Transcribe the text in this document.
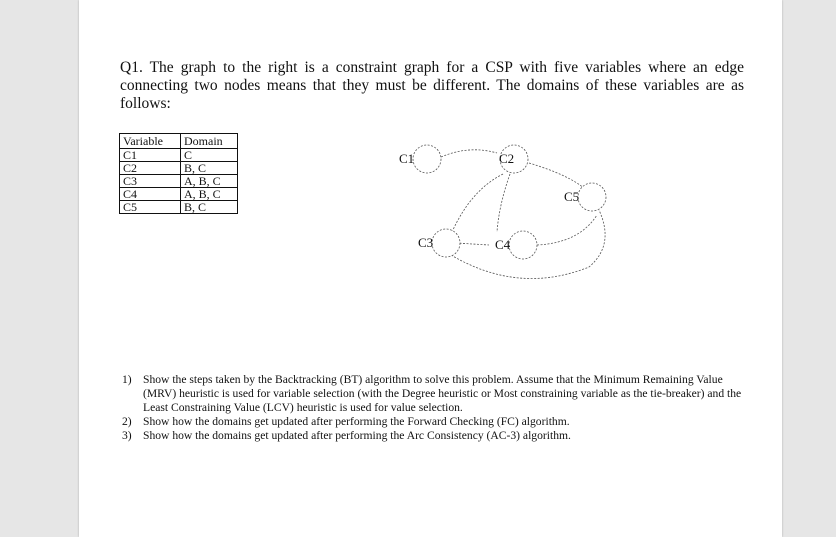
Q1. The graph to the right is a constraint graph for a CSP with five variables where an edge connecting two nodes means that they must be different. The domains of these variables are as follows:
Variable	Domain
C1	C
C2	B, C
C3	A, B, C
C4	A, B, C
C5	B, C
C1	C2
C3	C4
C5
1) Show the steps taken by the Backtracking (BT) algorithm to solve this problem. Assume that the Minimum Remaining Value (MRV) heuristic is used for variable selection (with the Degree heuristic or Most constraining variable as the tie-breaker) and the Least Constraining Value (LCV) heuristic is used for value selection.
2) Show how the domains get updated after performing the Forward Checking (FC) algorithm.
3) Show how the domains get updated after performing the Arc Consistency (AC-3) algorithm.
